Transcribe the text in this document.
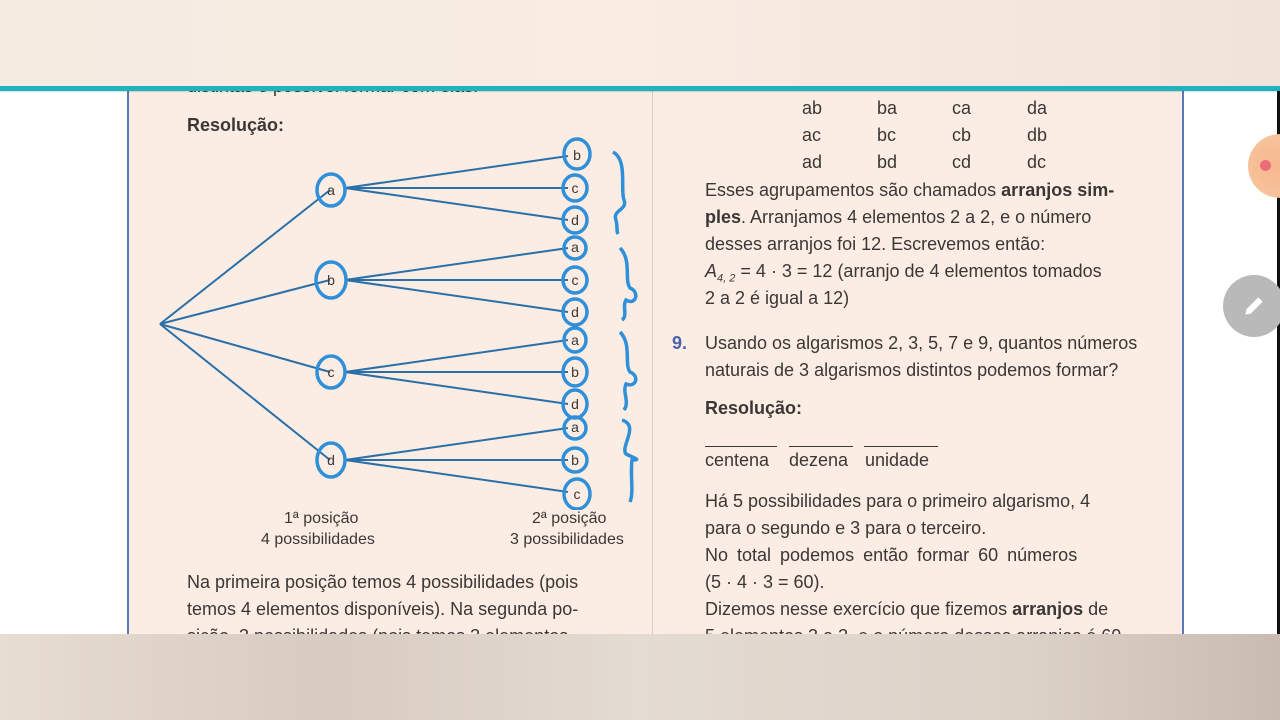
Resolução:
a
b
c
d
b
c
d
a
c
d
a
b
d
a
b
c
1ª posição
4 possibilidades
2ª posição
3 possibilidades
Na primeira posição temos 4 possibilidades (pois
temos 4 elementos disponíveis). Na segunda po-
ab	ba	ca	da
ac	bc	cb	db
ad	bd	cd	dc
Esses agrupamentos são chamados arranjos sim-
ples. Arranjamos 4 elementos 2 a 2, e o número
desses arranjos foi 12. Escrevemos então:
$A_{4, 2} = 4 \cdot 3 = 12$ (arranjo de 4 elementos tomados
2 a 2 é igual a 12)
9. Usando os algarismos 2, 3, 5, 7 e 9, quantos números
naturais de 3 algarismos distintos podemos formar?
Resolução:
centena dezena unidade
Há 5 possibilidades para o primeiro algarismo, 4
para o segundo e 3 para o terceiro.
No total podemos então formar 60 números
(5 · 4 · 3 = 60).
Dizemos nesse exercício que fizemos arranjos de
